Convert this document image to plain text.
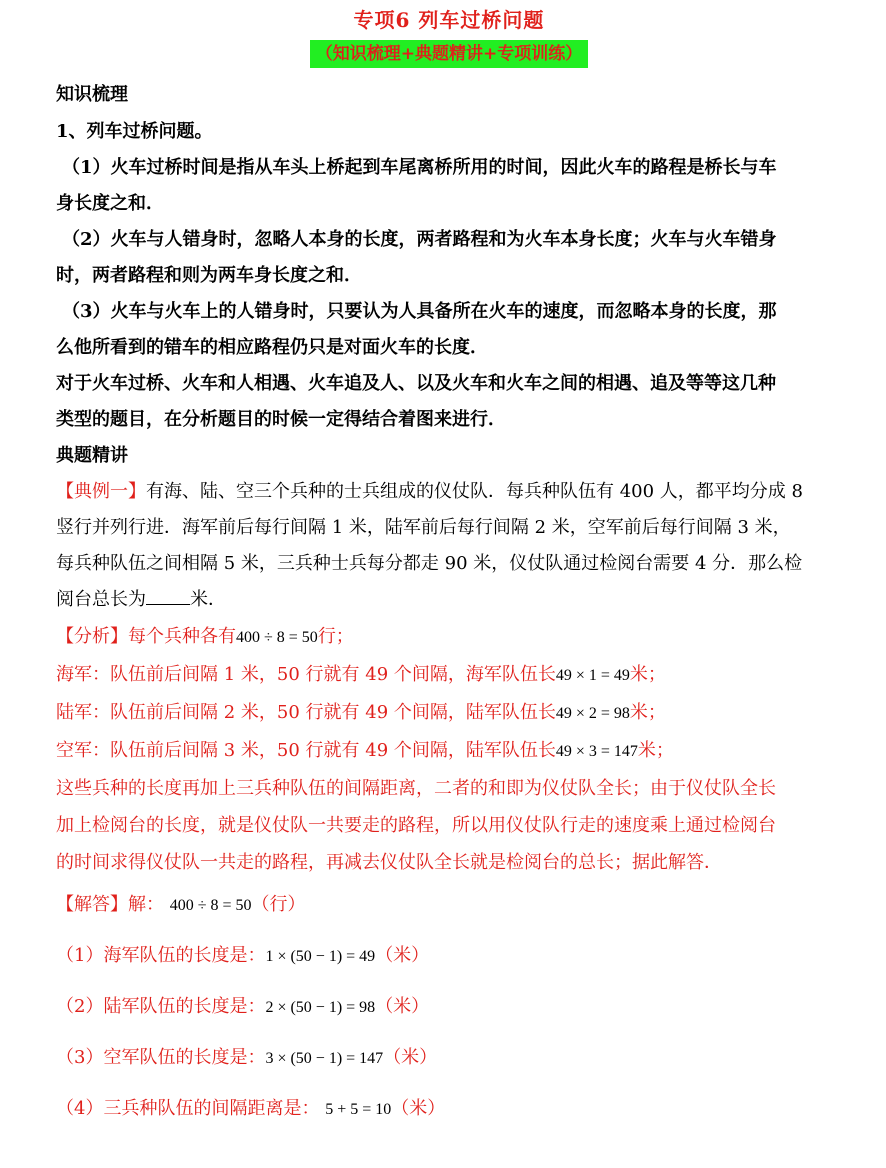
专项6 列车过桥问题
（知识梳理+典题精讲+专项训练）
知识梳理
1、列车过桥问题。

（1）火车过桥时间是指从车头上桥起到车尾离桥所用的时间，因此火车的路程是桥长与车

身长度之和．

（2）火车与人错身时，忽略人本身的长度，两者路程和为火车本身长度；火车与火车错身

时，两者路程和则为两车身长度之和．

（3）火车与火车上的人错身时，只要认为人具备所在火车的速度，而忽略本身的长度，那

么他所看到的错车的相应路程仍只是对面火车的长度．

对于火车过桥、火车和人相遇、火车追及人、以及火车和火车之间的相遇、追及等等这几种

类型的题目，在分析题目的时候一定得结合着图来进行．

典题精讲

【典例一】有海、陆、空三个兵种的士兵组成的仪仗队．每兵种队伍有 400 人，都平均分成 8

竖行并列行进．海军前后每行间隔 1 米，陆军前后每行间隔 2 米，空军前后每行间隔 3 米，

每兵种队伍之间相隔 5 米，三兵种士兵每分都走 90 米，仪仗队通过检阅台需要 4 分．那么检

阅台总长为 米．

【分析】每个兵种各有400 ÷ 8 = 50行；

海军：队伍前后间隔 1 米，50 行就有 49 个间隔，海军队伍长49 × 1 = 49米；

陆军：队伍前后间隔 2 米，50 行就有 49 个间隔，陆军队伍长49 × 2 = 98米；

空军：队伍前后间隔 3 米，50 行就有 49 个间隔，陆军队伍长49 × 3 = 147米；

这些兵种的长度再加上三兵种队伍的间隔距离，二者的和即为仪仗队全长；由于仪仗队全长

加上检阅台的长度，就是仪仗队一共要走的路程，所以用仪仗队行走的速度乘上通过检阅台

的时间求得仪仗队一共走的路程，再减去仪仗队全长就是检阅台的总长；据此解答．

【解答】解： 400 ÷ 8 = 50（行）

（1）海军队伍的长度是：1 × (50 − 1) = 49（米）

（2）陆军队伍的长度是：2 × (50 − 1) = 98（米）

（3）空军队伍的长度是：3 × (50 − 1) = 147（米）

（4）三兵种队伍的间隔距离是： 5 + 5 = 10（米）
